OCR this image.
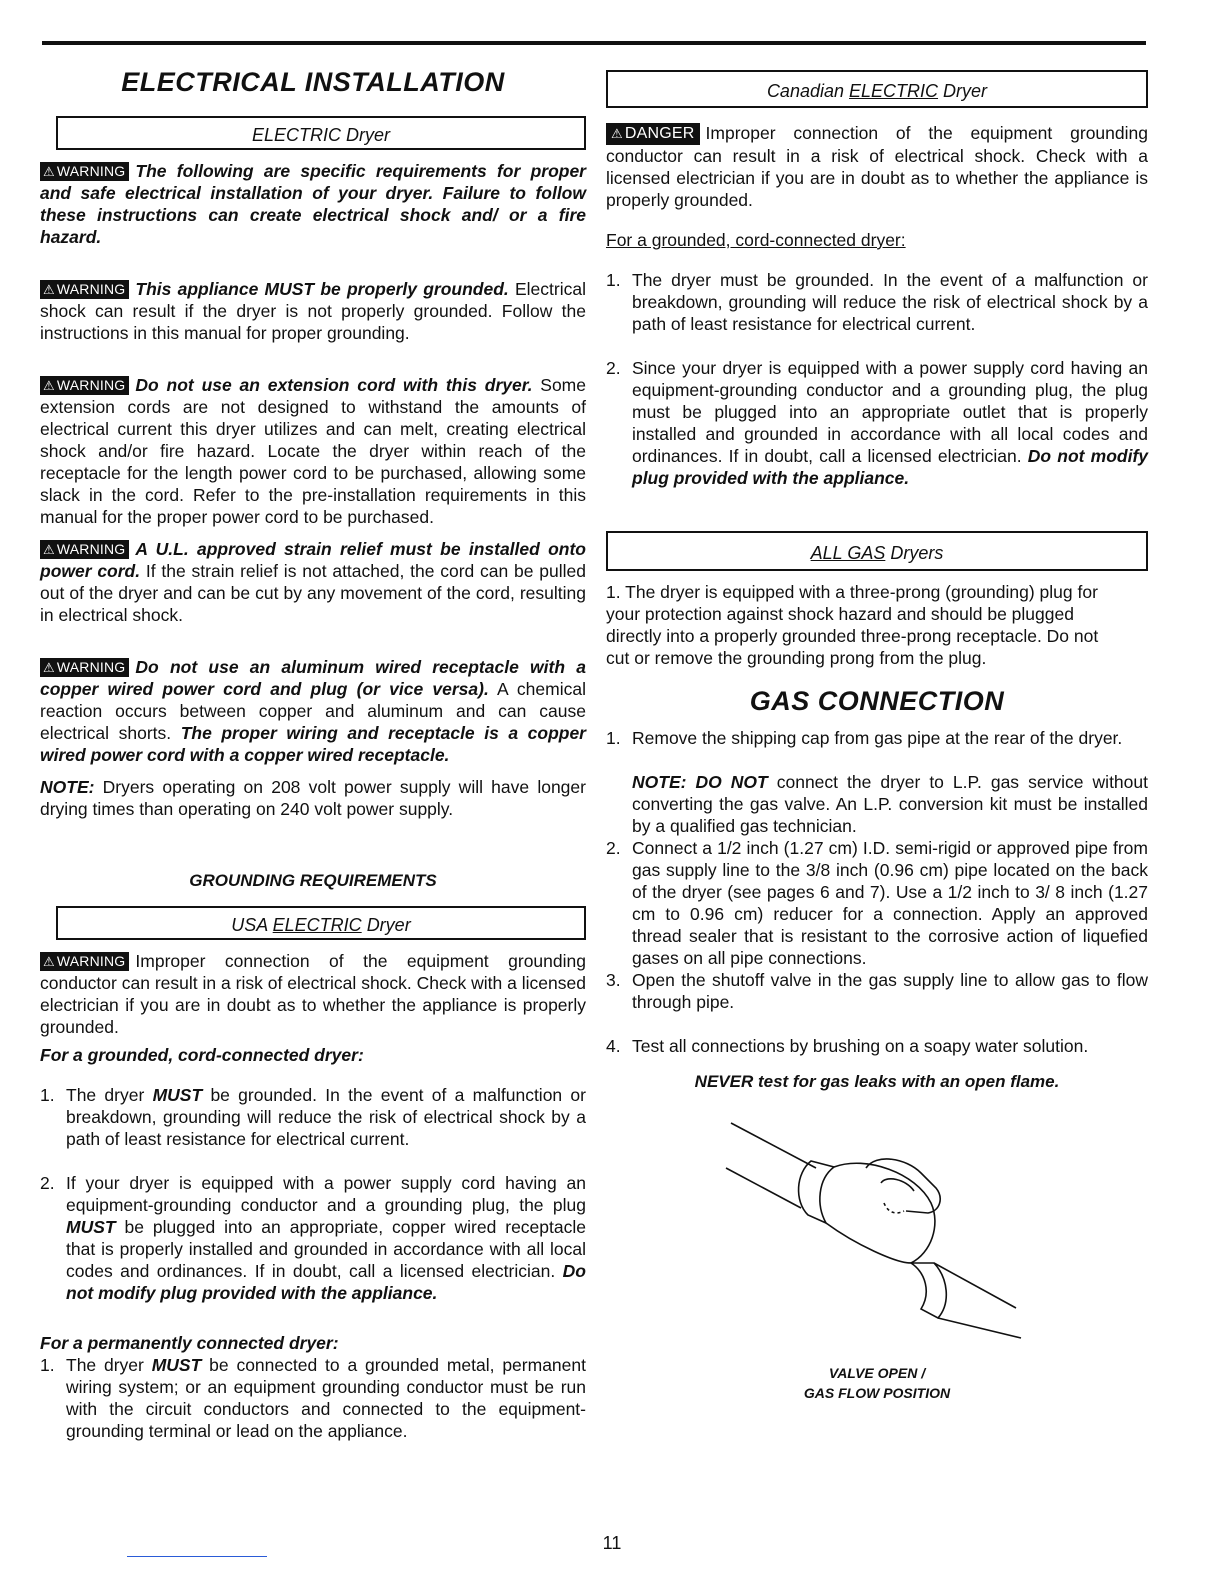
ELECTRICAL INSTALLATION
ELECTRIC Dryer

⚠ WARNING The following are specific requirements for proper and safe electrical installation of your dryer. Failure to follow these instructions can create electrical shock and/ or a fire hazard.

⚠ WARNING This appliance MUST be properly grounded. Electrical shock can result if the dryer is not properly grounded. Follow the instructions in this manual for proper grounding.

⚠ WARNING Do not use an extension cord with this dryer. Some extension cords are not designed to withstand the amounts of electrical current this dryer utilizes and can melt, creating electrical shock and/or fire hazard. Locate the dryer within reach of the receptacle for the length power cord to be purchased, allowing some slack in the cord. Refer to the pre-installation requirements in this manual for the proper power cord to be purchased.

⚠ WARNING A U.L. approved strain relief must be installed onto power cord. If the strain relief is not attached, the cord can be pulled out of the dryer and can be cut by any movement of the cord, resulting in electrical shock.

⚠ WARNING Do not use an aluminum wired receptacle with a copper wired power cord and plug (or vice versa). A chemical reaction occurs between copper and aluminum and can cause electrical shorts. The proper wiring and receptacle is a copper wired power cord with a copper wired receptacle.

NOTE: Dryers operating on 208 volt power supply will have longer drying times than operating on 240 volt power supply.

GROUNDING REQUIREMENTS
USA ELECTRIC Dryer

⚠ WARNING Improper connection of the equipment grounding conductor can result in a risk of electrical shock. Check with a licensed electrician if you are in doubt as to whether the appliance is properly grounded.

For a grounded, cord-connected dryer:

1. The dryer MUST be grounded. In the event of a malfunction or breakdown, grounding will reduce the risk of electrical shock by a path of least resistance for electrical current.
2. If your dryer is equipped with a power supply cord having an equipment-grounding conductor and a grounding plug, the plug MUST be plugged into an appropriate, copper wired receptacle that is properly installed and grounded in accordance with all local codes and ordinances. If in doubt, call a licensed electrician. Do not modify plug provided with the appliance.

For a permanently connected dryer:

1. The dryer MUST be connected to a grounded metal, permanent wiring system; or an equipment grounding conductor must be run with the circuit conductors and connected to the equipment-grounding terminal or lead on the appliance.
Canadian ELECTRIC Dryer

⚠ DANGER Improper connection of the equipment grounding conductor can result in a risk of electrical shock. Check with a licensed electrician if you are in doubt as to whether the appliance is properly grounded.

For a grounded, cord-connected dryer:

1. The dryer must be grounded. In the event of a malfunction or breakdown, grounding will reduce the risk of electrical shock by a path of least resistance for electrical current.
2. Since your dryer is equipped with a power supply cord having an equipment-grounding conductor and a grounding plug, the plug must be plugged into an appropriate outlet that is properly installed and grounded in accordance with all local codes and ordinances. If in doubt, call a licensed electrician. Do not modify plug provided with the appliance.
ALL GAS Dryers

1. The dryer is equipped with a three-prong (grounding) plug for your protection against shock hazard and should be plugged directly into a properly grounded three-prong receptacle. Do not cut or remove the grounding prong from the plug.

GAS CONNECTION
1. Remove the shipping cap from gas pipe at the rear of the dryer.

NOTE: DO NOT connect the dryer to L.P. gas service without converting the gas valve. An L.P. conversion kit must be installed by a qualified gas technician.

2. Connect a 1/2 inch (1.27 cm) I.D. semi-rigid or approved pipe from gas supply line to the 3/8 inch (0.96 cm) pipe located on the back of the dryer (see pages 6 and 7). Use a 1/2 inch to 3/ 8 inch (1.27 cm to 0.96 cm) reducer for a connection. Apply an approved thread sealer that is resistant to the corrosive action of liquefied gases on all pipe connections.
3. Open the shutoff valve in the gas supply line to allow gas to flow through pipe.
4. Test all connections by brushing on a soapy water solution.
NEVER test for gas leaks with an open flame.
VALVE OPEN /
GAS FLOW POSITION
11
